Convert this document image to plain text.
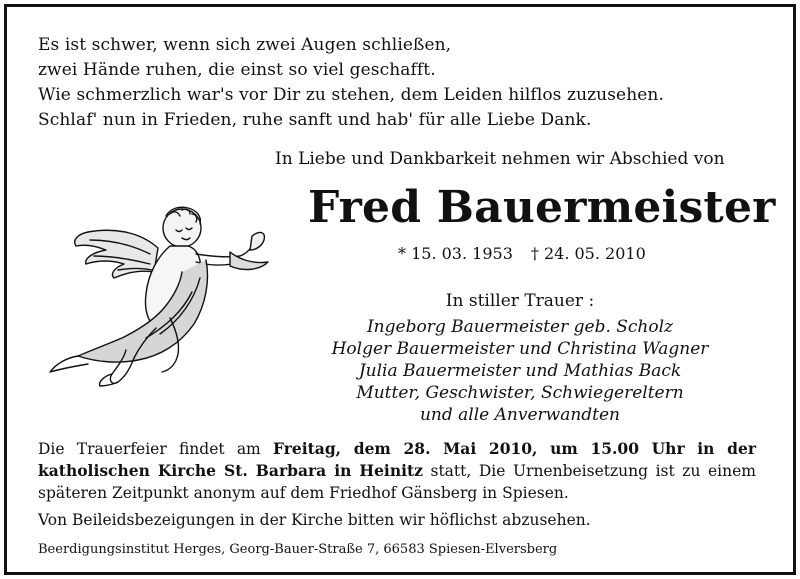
Es ist schwer, wenn sich zwei Augen schließen,
zwei Hände ruhen, die einst so viel geschafft.
Wie schmerzlich war's vor Dir zu stehen, dem Leiden hilflos zuzusehen.
Schlaf' nun in Frieden, ruhe sanft und hab' für alle Liebe Dank.
In Liebe und Dankbarkeit nehmen wir Abschied von
Fred Bauermeister
* 15. 03. 1953 † 24. 05. 2010
In stiller Trauer :
Ingeborg Bauermeister geb. Scholz
Holger Bauermeister und Christina Wagner
Julia Bauermeister und Mathias Back
Mutter, Geschwister, Schwiegereltern
und alle Anverwandten
Die Trauerfeier findet am Freitag, dem 28. Mai 2010, um 15.00 Uhr in der katholischen Kirche St. Barbara in Heinitz statt, Die Urnenbeisetzung ist zu einem späteren Zeitpunkt anonym auf dem Friedhof Gänsberg in Spiesen.
Von Beileidsbezeigungen in der Kirche bitten wir höflichst abzusehen.
Beerdigungsinstitut Herges, Georg-Bauer-Straße 7, 66583 Spiesen-Elversberg
